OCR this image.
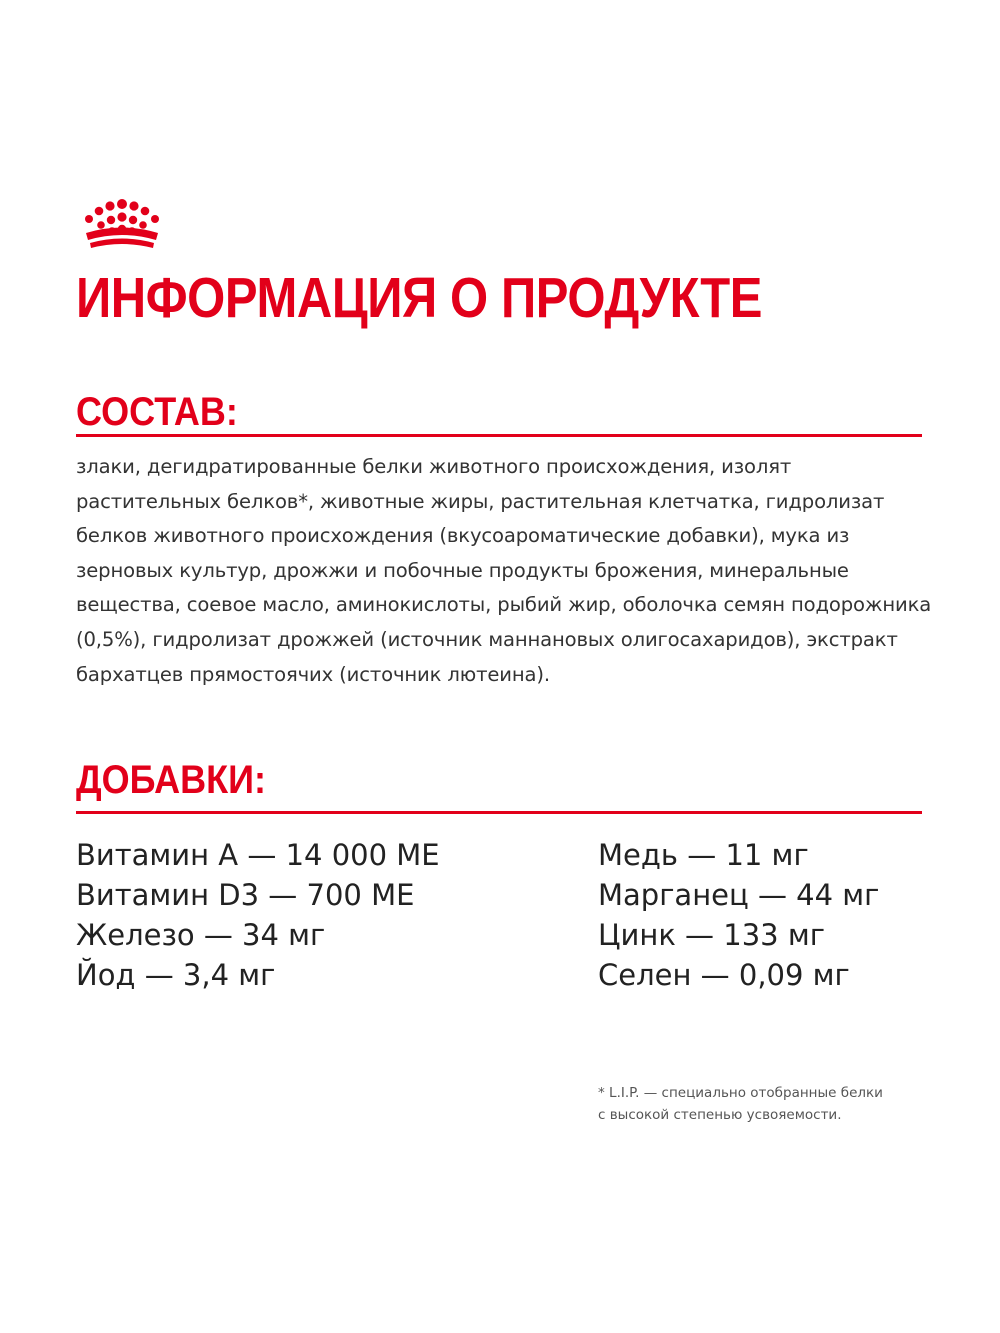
ИНФОРМАЦИЯ О ПРОДУКТЕ
СОСТАВ:

злаки, дегидратированные белки животного происхождения, изолят растительных белков*, животные жиры, растительная клетчатка, гидролизат белков животного происхождения (вкусоароматические добавки), мука из зерновых культур, дрожжи и побочные продукты брожения, минеральные вещества, соевое масло, аминокислоты, рыбий жир, оболочка семян подорожника (0,5%), гидролизат дрожжей (источник маннановых олигосахаридов), экстракт бархатцев прямостоячих (источник лютеина).

ДОБАВКИ:
Витамин А — 14 000 МЕ
Витамин D3 — 700 МЕ
Железо — 34 мг
Йод — 3,4 мг
Медь — 11 мг
Марганец — 44 мг
Цинк — 133 мг
Селен — 0,09 мг

* L.I.P. — специально отобранные белки
с высокой степенью усвояемости.
